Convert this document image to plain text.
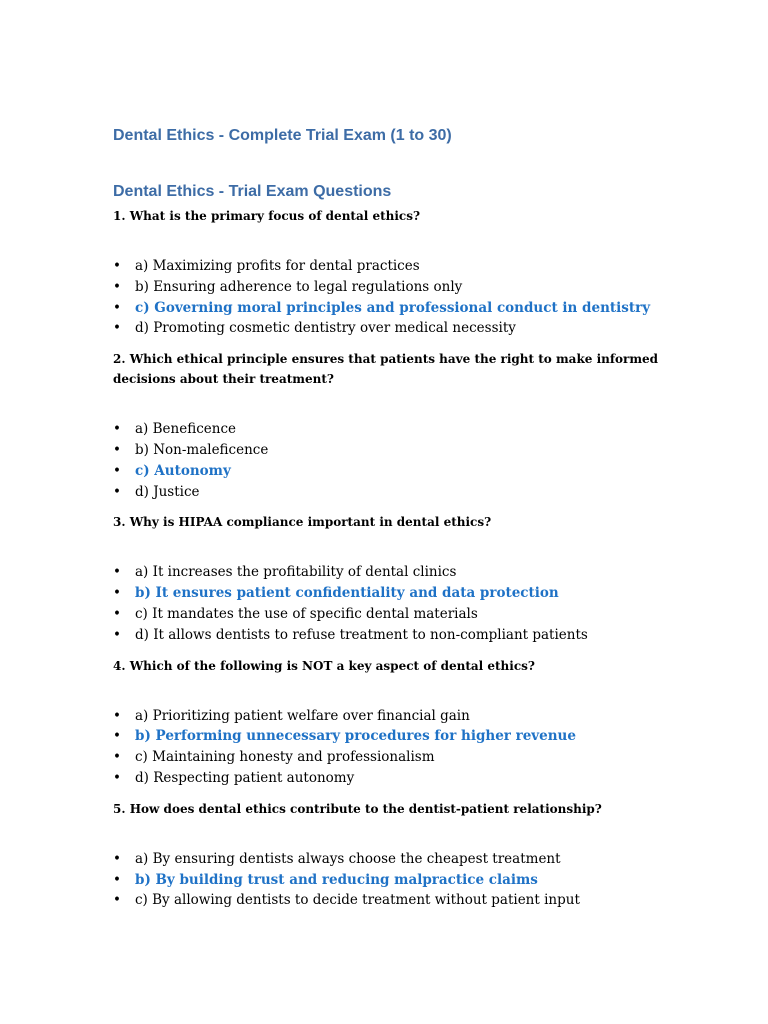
Dental Ethics - Complete Trial Exam (1 to 30)
Dental Ethics - Trial Exam Questions

1. What is the primary focus of dental ethics?

• a) Maximizing profits for dental practices
• b) Ensuring adherence to legal regulations only
• c) Governing moral principles and professional conduct in dentistry
• d) Promoting cosmetic dentistry over medical necessity

2. Which ethical principle ensures that patients have the right to make informed decisions about their treatment?

• a) Beneficence
• b) Non-maleficence
• c) Autonomy
• d) Justice

3. Why is HIPAA compliance important in dental ethics?

• a) It increases the profitability of dental clinics
• b) It ensures patient confidentiality and data protection
• c) It mandates the use of specific dental materials
• d) It allows dentists to refuse treatment to non-compliant patients

4. Which of the following is NOT a key aspect of dental ethics?

• a) Prioritizing patient welfare over financial gain
• b) Performing unnecessary procedures for higher revenue
• c) Maintaining honesty and professionalism
• d) Respecting patient autonomy

5. How does dental ethics contribute to the dentist-patient relationship?

• a) By ensuring dentists always choose the cheapest treatment
• b) By building trust and reducing malpractice claims
• c) By allowing dentists to decide treatment without patient input
